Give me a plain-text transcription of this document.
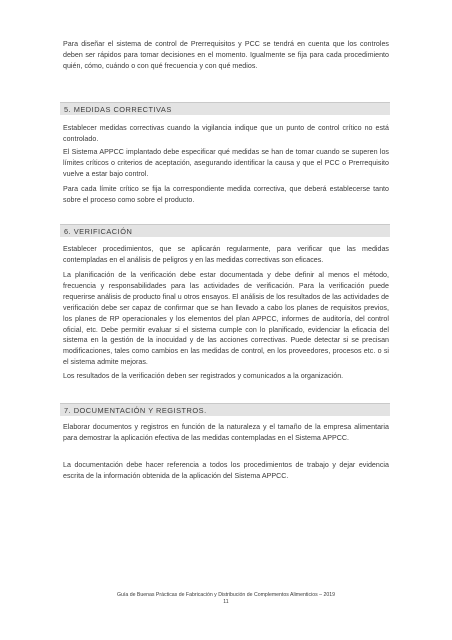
Para diseñar el sistema de control de Prerrequisitos y PCC se tendrá en cuenta que los controles deben ser rápidos para tomar decisiones en el momento. Igualmente se fija para cada procedimiento quién, cómo, cuándo o con qué frecuencia y con qué medios.

5. MEDIDAS CORRECTIVAS

Establecer medidas correctivas cuando la vigilancia indique que un punto de control crítico no está controlado.

El Sistema APPCC implantado debe especificar qué medidas se han de tomar cuando se superen los límites críticos o criterios de aceptación, asegurando identificar la causa y que el PCC o Prerrequisito vuelve a estar bajo control.

Para cada límite crítico se fija la correspondiente medida correctiva, que deberá establecerse tanto sobre el proceso como sobre el producto.

6. VERIFICACIÓN

Establecer procedimientos, que se aplicarán regularmente, para verificar que las medidas contempladas en el análisis de peligros y en las medidas correctivas son eficaces.

La planificación de la verificación debe estar documentada y debe definir al menos el método, frecuencia y responsabilidades para las actividades de verificación. Para la verificación puede requerirse análisis de producto final u otros ensayos. El análisis de los resultados de las actividades de verificación debe ser capaz de confirmar que se han llevado a cabo los planes de requisitos previos, los planes de RP operacionales y los elementos del plan APPCC, informes de auditoría, del control oficial, etc. Debe permitir evaluar si el sistema cumple con lo planificado, evidenciar la eficacia del sistema en la gestión de la inocuidad y de las acciones correctivas. Puede detectar si se precisan modificaciones, tales como cambios en las medidas de control, en los proveedores, procesos etc. o si el sistema admite mejoras.

Los resultados de la verificación deben ser registrados y comunicados a la organización.

7. DOCUMENTACIÓN Y REGISTROS.

Elaborar documentos y registros en función de la naturaleza y el tamaño de la empresa alimentaria para demostrar la aplicación efectiva de las medidas contempladas en el Sistema APPCC.

La documentación debe hacer referencia a todos los procedimientos de trabajo y dejar evidencia escrita de la información obtenida de la aplicación del Sistema APPCC.

Guía de Buenas Prácticas de Fabricación y Distribución de Complementos Alimenticios – 2019
11
